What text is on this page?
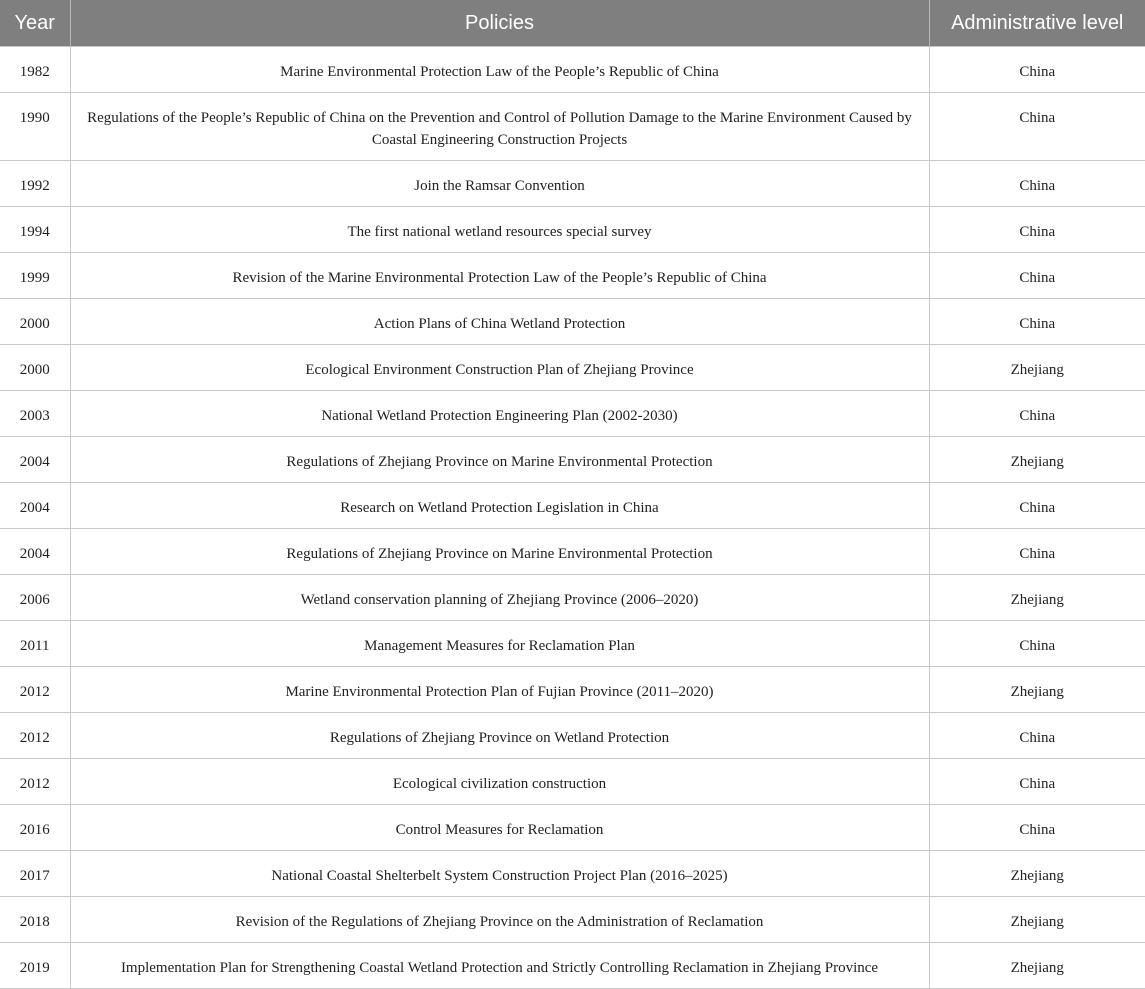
Year	Policies	Administrative level
1982	Marine Environmental Protection Law of the People’s Republic of China	China
1990	Regulations of the People’s Republic of China on the Prevention and Control of Pollution Damage to the Marine Environment Caused by Coastal Engineering Construction Projects	China
1992	Join the Ramsar Convention	China
1994	The first national wetland resources special survey	China
1999	Revision of the Marine Environmental Protection Law of the People’s Republic of China	China
2000	Action Plans of China Wetland Protection	China
2000	Ecological Environment Construction Plan of Zhejiang Province	Zhejiang
2003	National Wetland Protection Engineering Plan (2002-2030)	China
2004	Regulations of Zhejiang Province on Marine Environmental Protection	Zhejiang
2004	Research on Wetland Protection Legislation in China	China
2004	Regulations of Zhejiang Province on Marine Environmental Protection	China
2006	Wetland conservation planning of Zhejiang Province (2006–2020)	Zhejiang
2011	Management Measures for Reclamation Plan	China
2012	Marine Environmental Protection Plan of Fujian Province (2011–2020)	Zhejiang
2012	Regulations of Zhejiang Province on Wetland Protection	China
2012	Ecological civilization construction	China
2016	Control Measures for Reclamation	China
2017	National Coastal Shelterbelt System Construction Project Plan (2016–2025)	Zhejiang
2018	Revision of the Regulations of Zhejiang Province on the Administration of Reclamation	Zhejiang
2019	Implementation Plan for Strengthening Coastal Wetland Protection and Strictly Controlling Reclamation in Zhejiang Province	Zhejiang
